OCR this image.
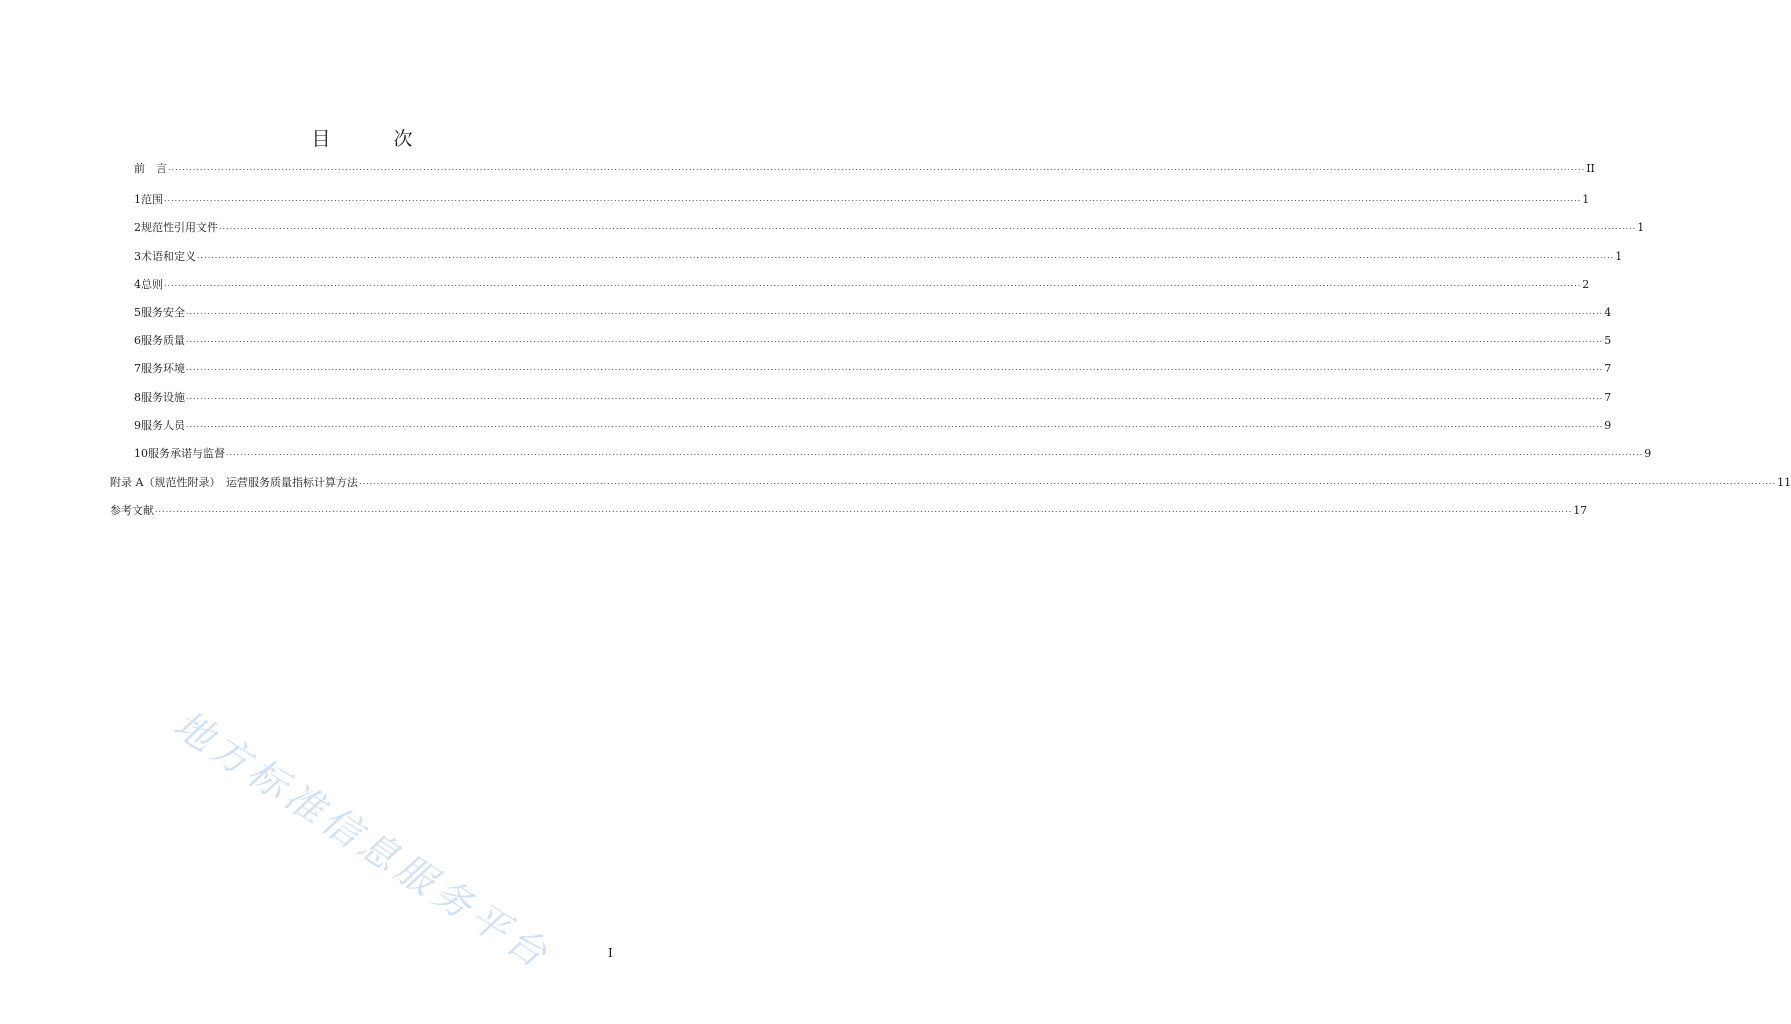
目　次
前　言 ................................................................................................................................................................................................................................................................................................................................................................................................................ II
1 范围 ................................................................................................................................................................................................................................................................................................................................................................................................................ 1
2 规范性引用文件 ................................................................................................................................................................................................................................................................................................................................................................................................................ 1
3 术语和定义 ................................................................................................................................................................................................................................................................................................................................................................................................................ 1
4 总则 ................................................................................................................................................................................................................................................................................................................................................................................................................ 2
5 服务安全 ................................................................................................................................................................................................................................................................................................................................................................................................................ 4
6 服务质量 ................................................................................................................................................................................................................................................................................................................................................................................................................ 5
7 服务环境 ................................................................................................................................................................................................................................................................................................................................................................................................................ 7
8 服务设施 ................................................................................................................................................................................................................................................................................................................................................................................................................ 7
9 服务人员 ................................................................................................................................................................................................................................................................................................................................................................................................................ 9
10 服务承诺与监督 ................................................................................................................................................................................................................................................................................................................................................................................................................ 9
附录 A（规范性附录）　运营服务质量指标计算方法 ................................................................................................................................................................................................................................................................................................................................................................................................................ 11
参考文献 ................................................................................................................................................................................................................................................................................................................................................................................................................ 17
地方标准信息服务平台	I
